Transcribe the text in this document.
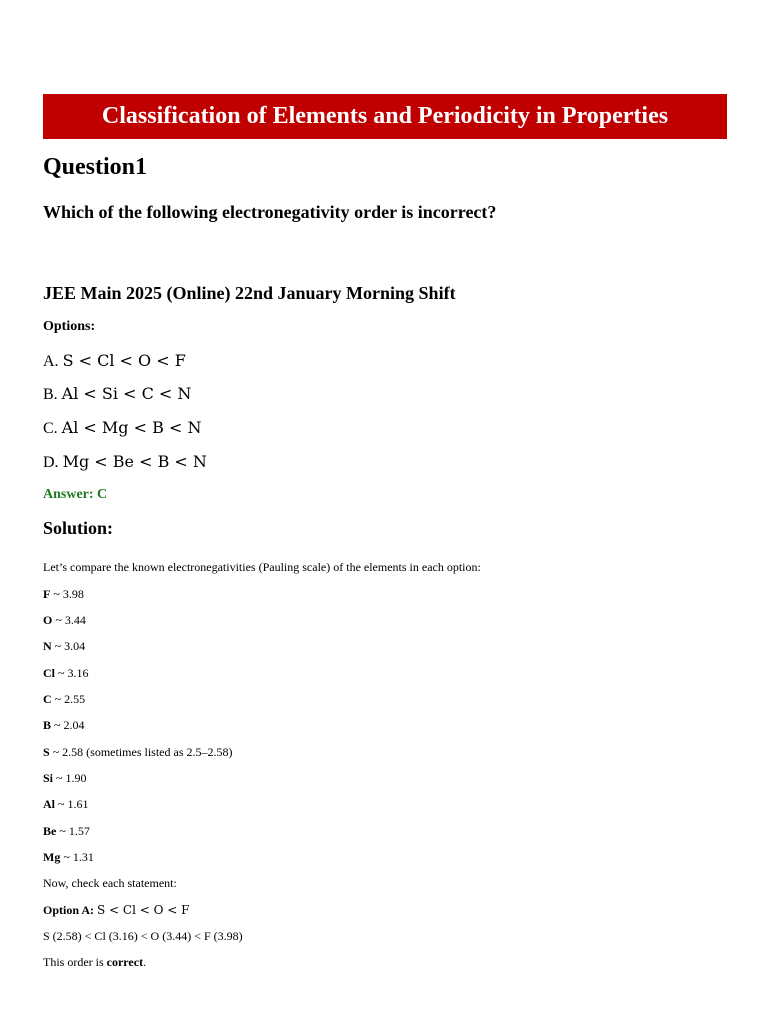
Classification of Elements and Periodicity in Properties
Question1

Which of the following electronegativity order is incorrect?

JEE Main 2025 (Online) 22nd January Morning Shift

Options:

A. S < Cl < O < F

B. Al < Si < C < N

C. Al < Mg < B < N

D. Mg < Be < B < N

Answer: C

Solution:

Let’s compare the known electronegativities (Pauling scale) of the elements in each option:

F ~ 3.98

O ~ 3.44

N ~ 3.04

Cl ~ 3.16

C ~ 2.55

B ~ 2.04

S ~ 2.58 (sometimes listed as 2.5–2.58)

Si ~ 1.90

Al ~ 1.61

Be ~ 1.57

Mg ~ 1.31

Now, check each statement:

Option A: S < Cl < O < F

S (2.58) < Cl (3.16) < O (3.44) < F (3.98)

This order is correct.
